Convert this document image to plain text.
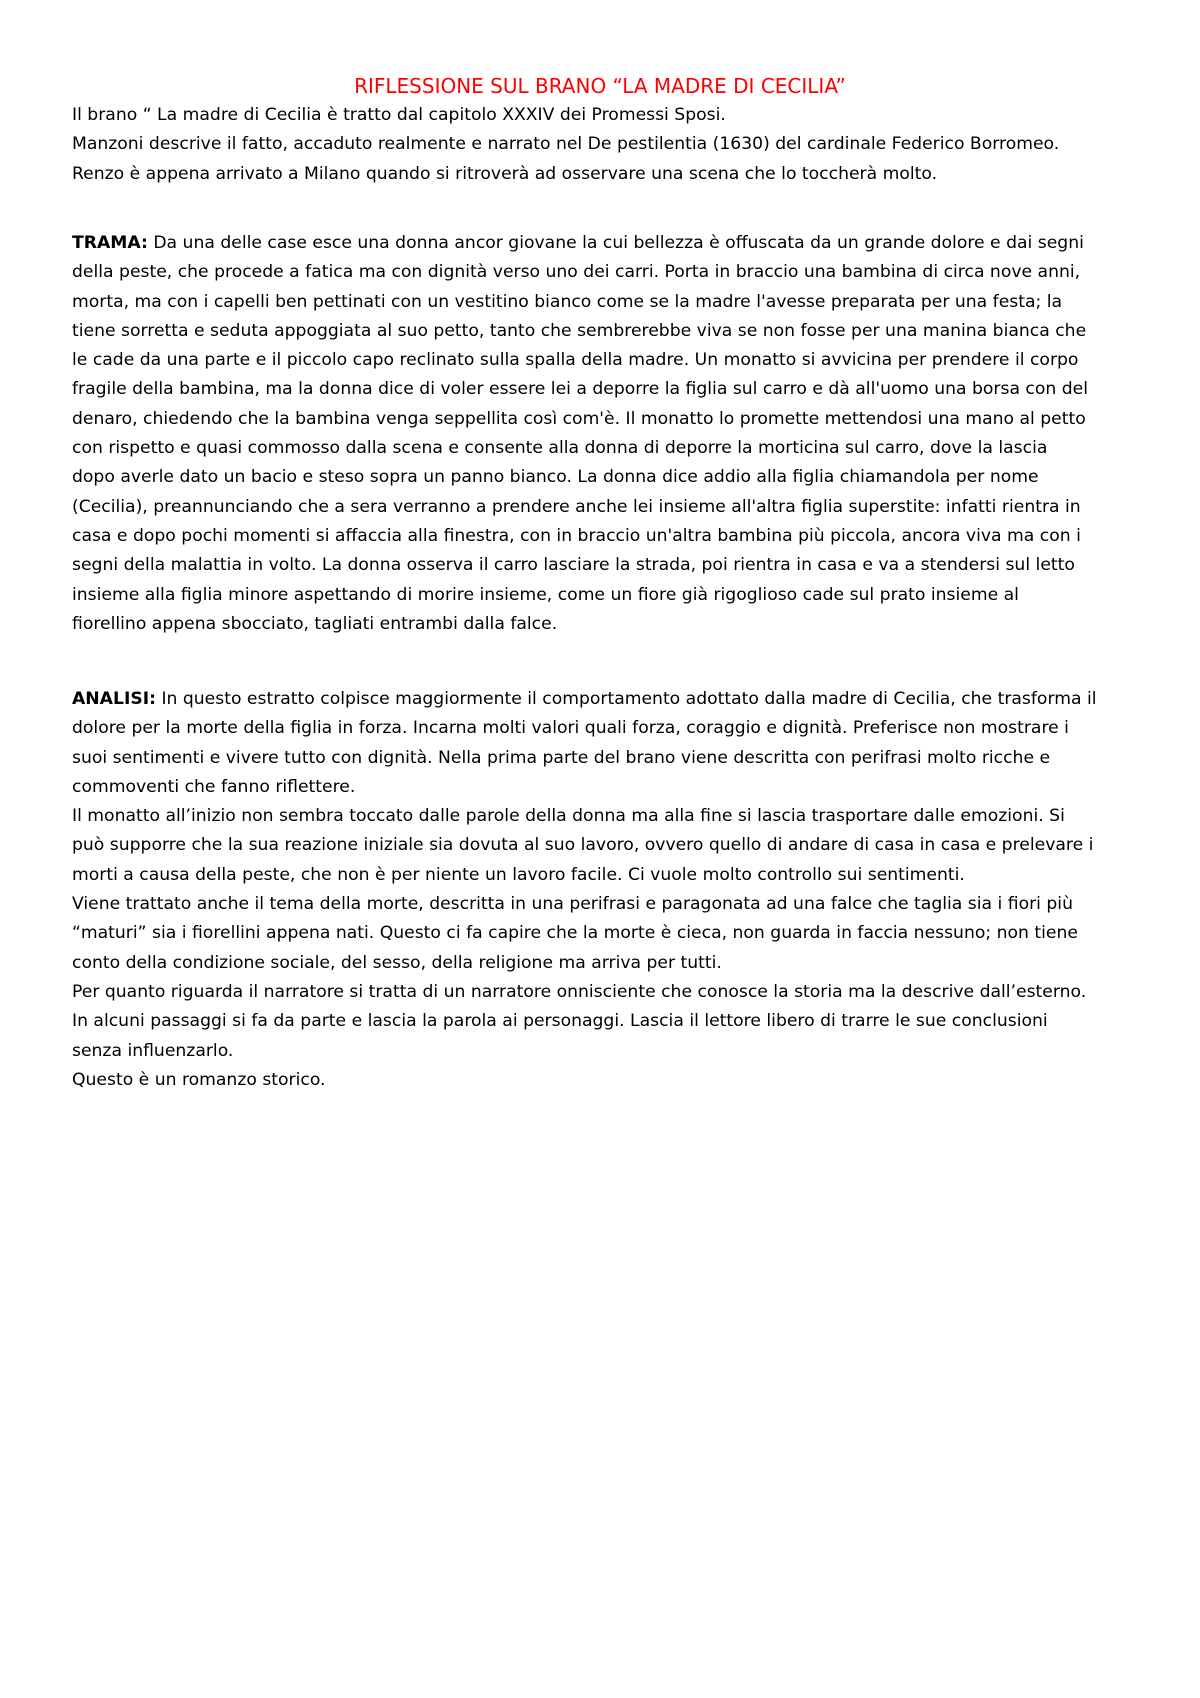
RIFLESSIONE SUL BRANO “LA MADRE DI CECILIA”
Il brano “ La madre di Cecilia è tratto dal capitolo XXXIV dei Promessi Sposi.
Manzoni descrive il fatto, accaduto realmente e narrato nel De pestilentia (1630) del cardinale Federico Borromeo.
Renzo è appena arrivato a Milano quando si ritroverà ad osservare una scena che lo toccherà molto.
TRAMA: Da una delle case esce una donna ancor giovane la cui bellezza è offuscata da un grande dolore e dai segni
della peste, che procede a fatica ma con dignità verso uno dei carri. Porta in braccio una bambina di circa nove anni,
morta, ma con i capelli ben pettinati con un vestitino bianco come se la madre l'avesse preparata per una festa; la
tiene sorretta e seduta appoggiata al suo petto, tanto che sembrerebbe viva se non fosse per una manina bianca che
le cade da una parte e il piccolo capo reclinato sulla spalla della madre. Un monatto si avvicina per prendere il corpo
fragile della bambina, ma la donna dice di voler essere lei a deporre la figlia sul carro e dà all'uomo una borsa con del
denaro, chiedendo che la bambina venga seppellita così com'è. Il monatto lo promette mettendosi una mano al petto
con rispetto e quasi commosso dalla scena e consente alla donna di deporre la morticina sul carro, dove la lascia
dopo averle dato un bacio e steso sopra un panno bianco. La donna dice addio alla figlia chiamandola per nome
(Cecilia), preannunciando che a sera verranno a prendere anche lei insieme all'altra figlia superstite: infatti rientra in
casa e dopo pochi momenti si affaccia alla finestra, con in braccio un'altra bambina più piccola, ancora viva ma con i
segni della malattia in volto. La donna osserva il carro lasciare la strada, poi rientra in casa e va a stendersi sul letto
insieme alla figlia minore aspettando di morire insieme, come un fiore già rigoglioso cade sul prato insieme al
fiorellino appena sbocciato, tagliati entrambi dalla falce.
ANALISI: In questo estratto colpisce maggiormente il comportamento adottato dalla madre di Cecilia, che trasforma il
dolore per la morte della figlia in forza. Incarna molti valori quali forza, coraggio e dignità. Preferisce non mostrare i
suoi sentimenti e vivere tutto con dignità. Nella prima parte del brano viene descritta con perifrasi molto ricche e
commoventi che fanno riflettere.
Il monatto all’inizio non sembra toccato dalle parole della donna ma alla fine si lascia trasportare dalle emozioni. Si
può supporre che la sua reazione iniziale sia dovuta al suo lavoro, ovvero quello di andare di casa in casa e prelevare i
morti a causa della peste, che non è per niente un lavoro facile. Ci vuole molto controllo sui sentimenti.
Viene trattato anche il tema della morte, descritta in una perifrasi e paragonata ad una falce che taglia sia i fiori più
“maturi” sia i fiorellini appena nati. Questo ci fa capire che la morte è cieca, non guarda in faccia nessuno; non tiene
conto della condizione sociale, del sesso, della religione ma arriva per tutti.
Per quanto riguarda il narratore si tratta di un narratore onnisciente che conosce la storia ma la descrive dall’esterno.
In alcuni passaggi si fa da parte e lascia la parola ai personaggi. Lascia il lettore libero di trarre le sue conclusioni
senza influenzarlo.
Questo è un romanzo storico.
